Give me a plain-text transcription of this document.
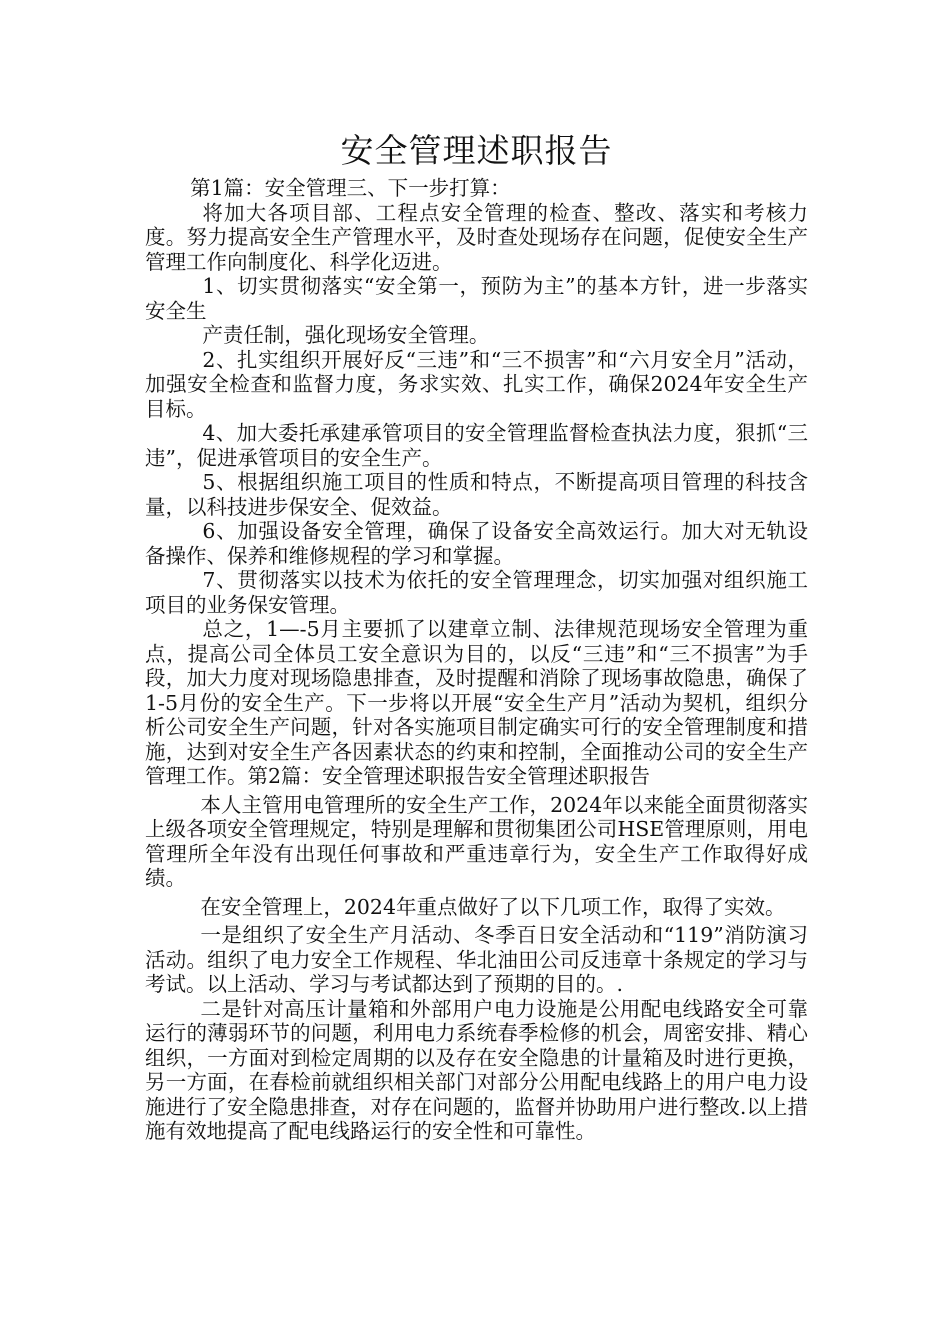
安全管理述职报告

第1篇：安全管理三、下一步打算：

将加大各项目部、工程点安全管理的检查、整改、落实和考核力度。努力提高安全生产管理水平，及时查处现场存在问题，促使安全生产管理工作向制度化、科学化迈进。

1、切实贯彻落实“安全第一，预防为主”的基本方针，进一步落实安全生

产责任制，强化现场安全管理。

2、扎实组织开展好反“三违”和“三不损害”和“六月安全月”活动，加强安全检查和监督力度，务求实效、扎实工作，确保2024年安全生产目标。

4、加大委托承建承管项目的安全管理监督检查执法力度，狠抓“三违”，促进承管项目的安全生产。

5、根据组织施工项目的性质和特点，不断提高项目管理的科技含量，以科技进步保安全、促效益。

6、加强设备安全管理，确保了设备安全高效运行。加大对无轨设备操作、保养和维修规程的学习和掌握。

7、贯彻落实以技术为依托的安全管理理念，切实加强对组织施工项目的业务保安管理。

总之，1—-5月主要抓了以建章立制、法律规范现场安全管理为重点，提高公司全体员工安全意识为目的，以反“三违”和“三不损害”为手段，加大力度对现场隐患排查，及时提醒和消除了现场事故隐患，确保了1-5月份的安全生产。下一步将以开展“安全生产月”活动为契机，组织分析公司安全生产问题，针对各实施项目制定确实可行的安全管理制度和措施，达到对安全生产各因素状态的约束和控制，全面推动公司的安全生产管理工作。第2篇：安全管理述职报告安全管理述职报告

本人主管用电管理所的安全生产工作，2024年以来能全面贯彻落实上级各项安全管理规定，特别是理解和贯彻集团公司HSE管理原则，用电管理所全年没有出现任何事故和严重违章行为，安全生产工作取得好成绩。

在安全管理上，2024年重点做好了以下几项工作，取得了实效。

一是组织了安全生产月活动、冬季百日安全活动和“119”消防演习活动。组织了电力安全工作规程、华北油田公司反违章十条规定的学习与考试。以上活动、学习与考试都达到了预期的目的。.

二是针对高压计量箱和外部用户电力设施是公用配电线路安全可靠运行的薄弱环节的问题，利用电力系统春季检修的机会，周密安排、精心组织，一方面对到检定周期的以及存在安全隐患的计量箱及时进行更换，另一方面，在春检前就组织相关部门对部分公用配电线路上的用户电力设施进行了安全隐患排查，对存在问题的，监督并协助用户进行整改.以上措施有效地提高了配电线路运行的安全性和可靠性。
